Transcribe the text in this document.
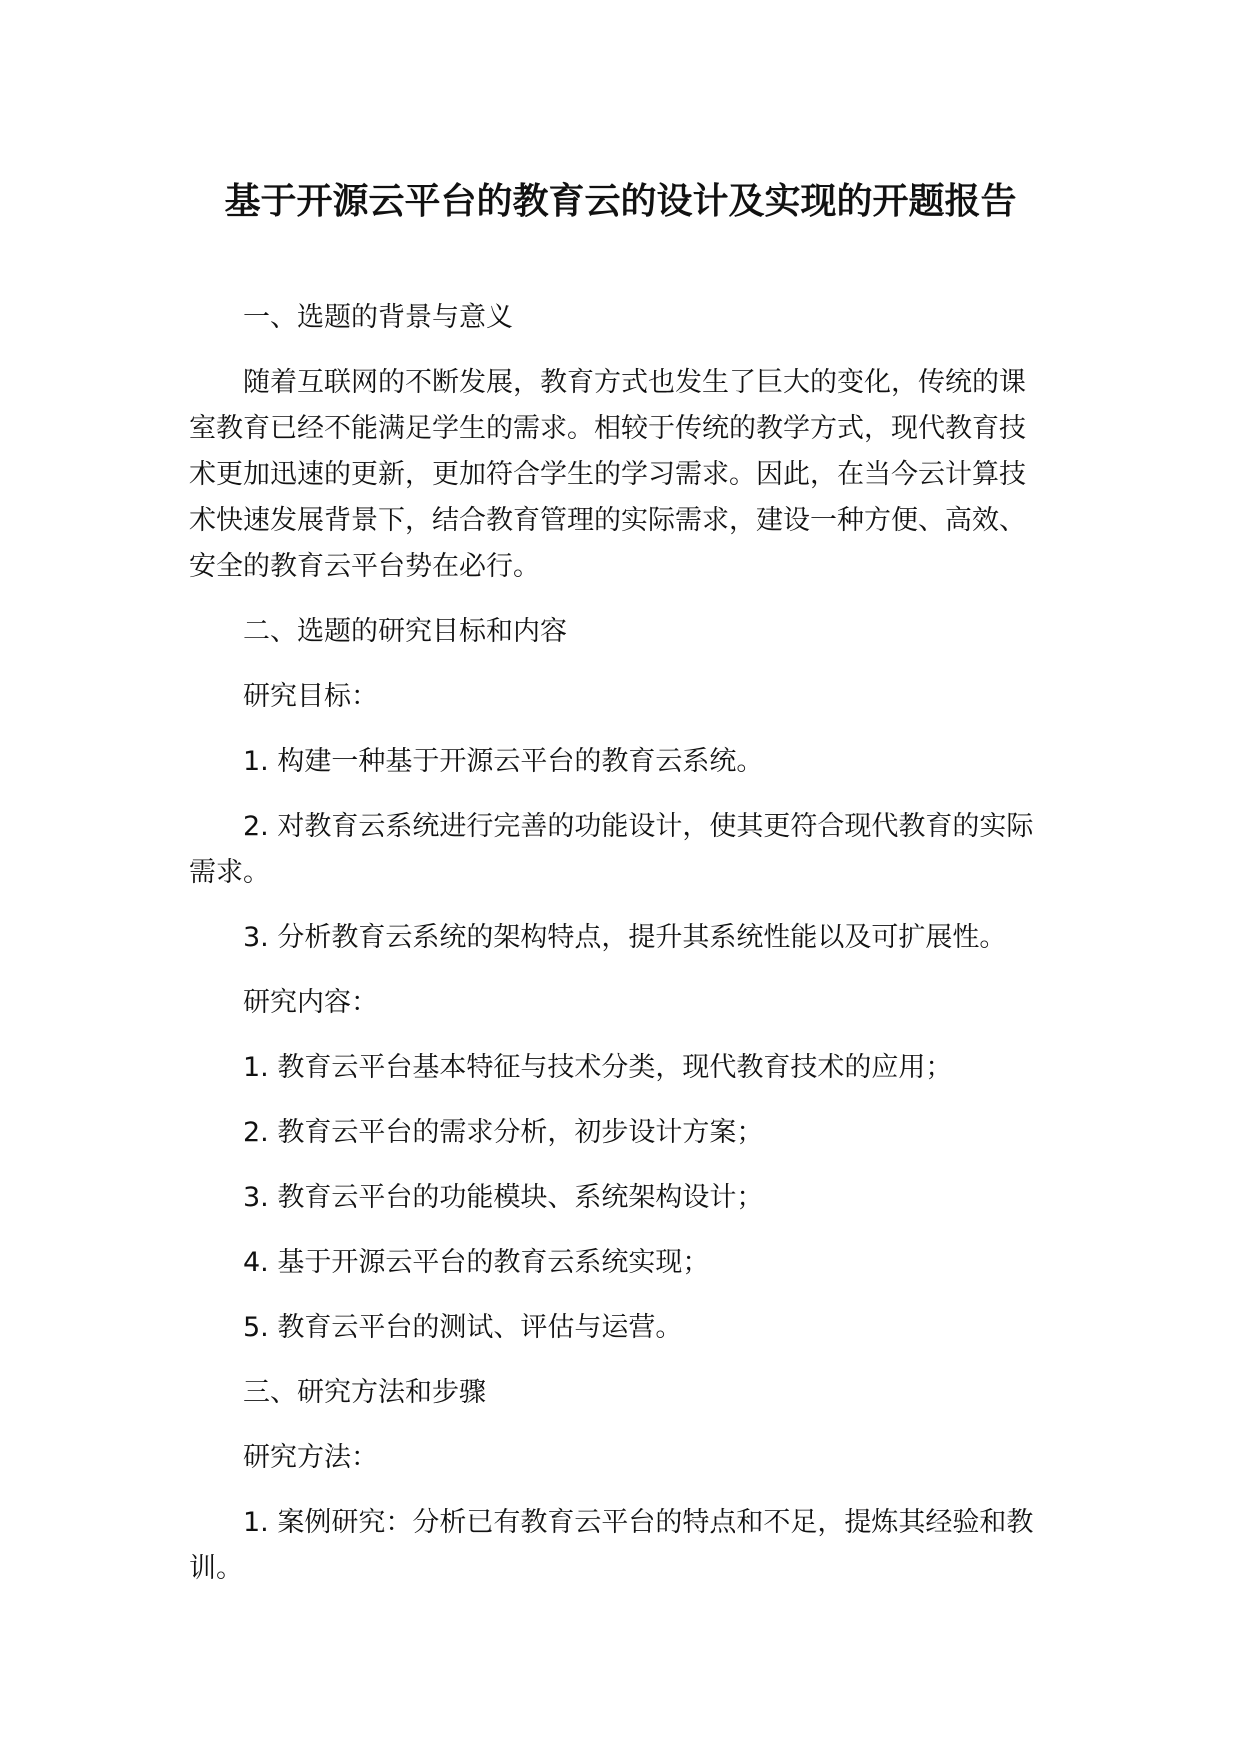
基于开源云平台的教育云的设计及实现的开题报告

一、选题的背景与意义

随着互联网的不断发展，教育方式也发生了巨大的变化，传统的课室教育已经不能满足学生的需求。相较于传统的教学方式，现代教育技术更加迅速的更新，更加符合学生的学习需求。因此，在当今云计算技术快速发展背景下，结合教育管理的实际需求，建设一种方便、高效、安全的教育云平台势在必行。

二、选题的研究目标和内容

研究目标：

1. 构建一种基于开源云平台的教育云系统。

2. 对教育云系统进行完善的功能设计，使其更符合现代教育的实际需求。

3. 分析教育云系统的架构特点，提升其系统性能以及可扩展性。

研究内容：

1. 教育云平台基本特征与技术分类，现代教育技术的应用；

2. 教育云平台的需求分析，初步设计方案；

3. 教育云平台的功能模块、系统架构设计；

4. 基于开源云平台的教育云系统实现；

5. 教育云平台的测试、评估与运营。

三、研究方法和步骤

研究方法：

1. 案例研究：分析已有教育云平台的特点和不足，提炼其经验和教训。
